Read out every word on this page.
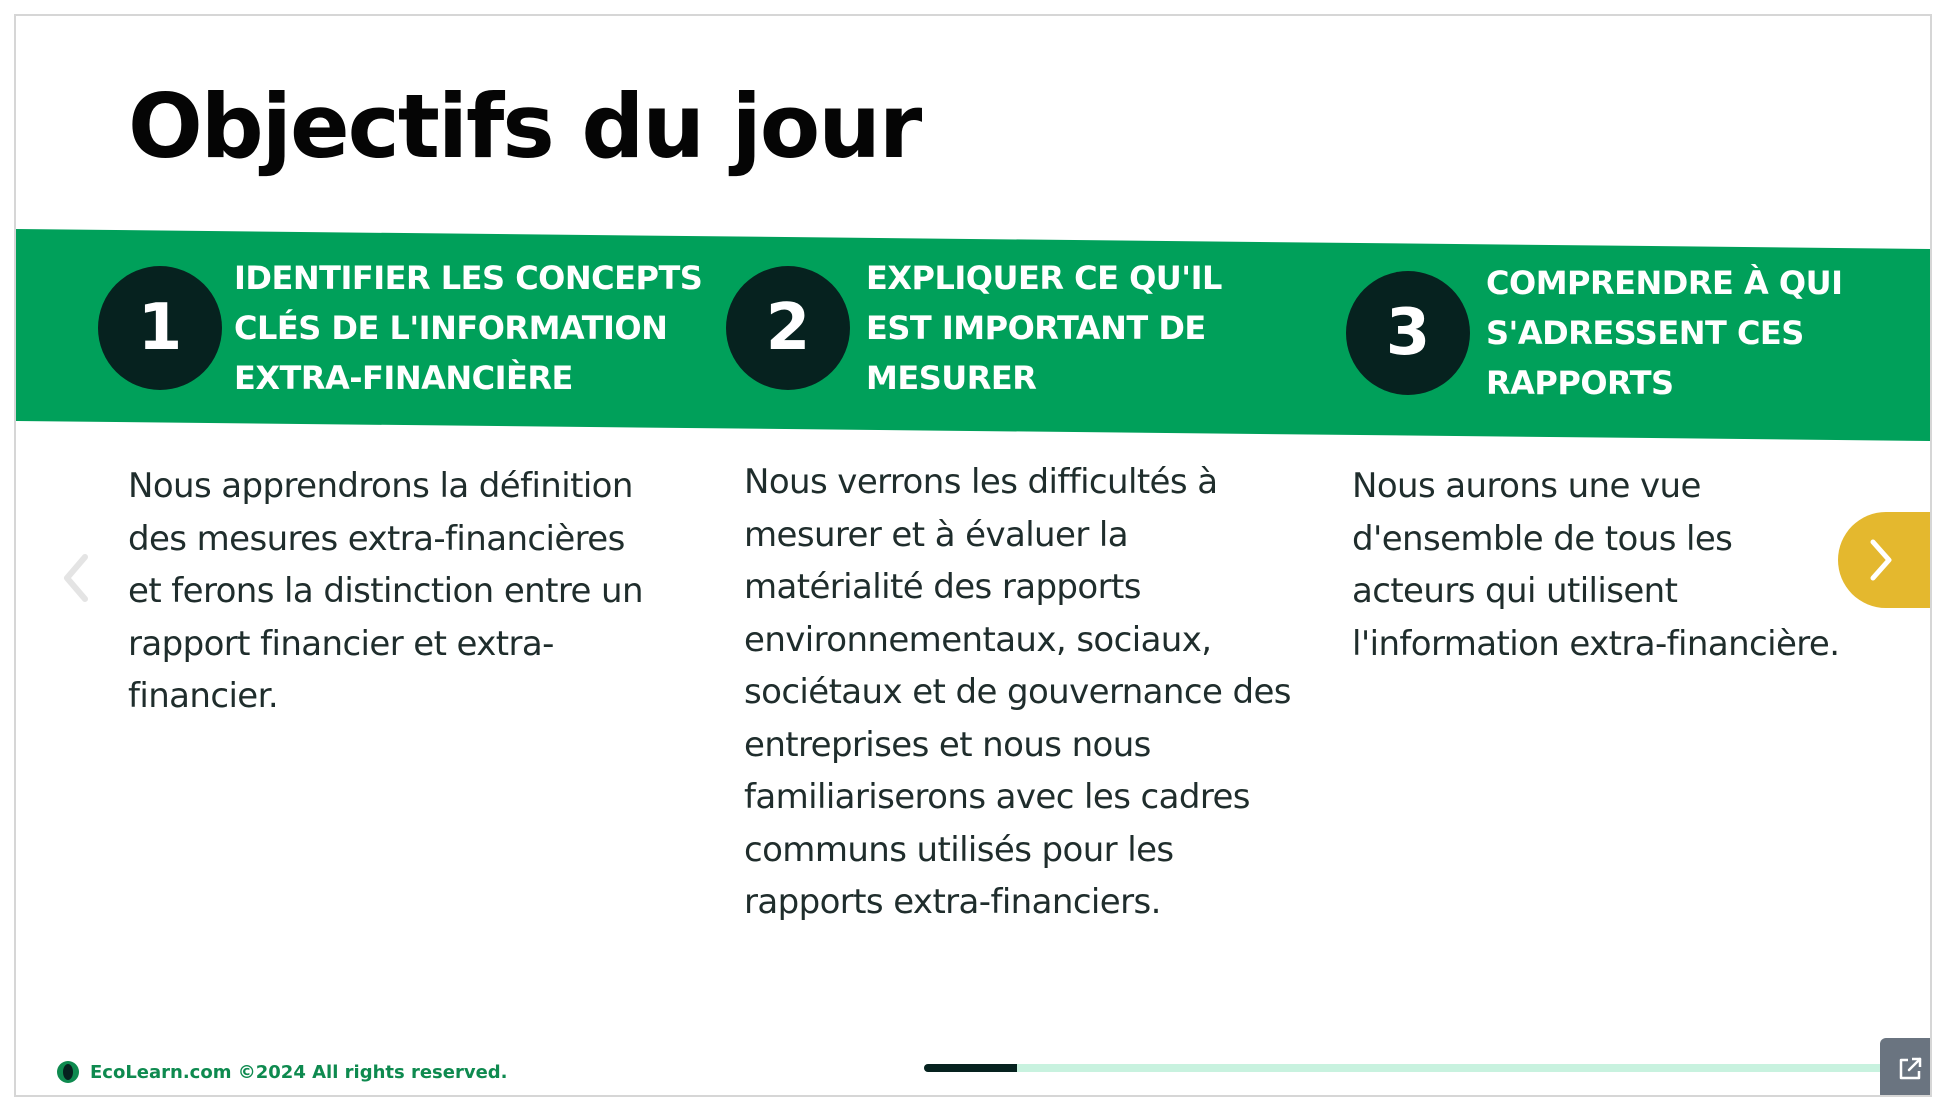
Objectifs du jour
1
IDENTIFIER LES CONCEPTS
CLÉS DE L'INFORMATION
EXTRA-FINANCIÈRE
2
EXPLIQUER CE QU'IL
EST IMPORTANT DE
MESURER
3
COMPRENDRE À QUI
S'ADRESSENT CES
RAPPORTS
Nous apprendrons la définition
des mesures extra-financières
et ferons la distinction entre un
rapport financier et extra-
financier.
Nous verrons les difficultés à
mesurer et à évaluer la
matérialité des rapports
environnementaux, sociaux,
sociétaux et de gouvernance des
entreprises et nous nous
familiariserons avec les cadres
communs utilisés pour les
rapports extra-financiers.
Nous aurons une vue
d'ensemble de tous les
acteurs qui utilisent
l'information extra-financière.
EcoLearn.com ©2024 All rights reserved.
